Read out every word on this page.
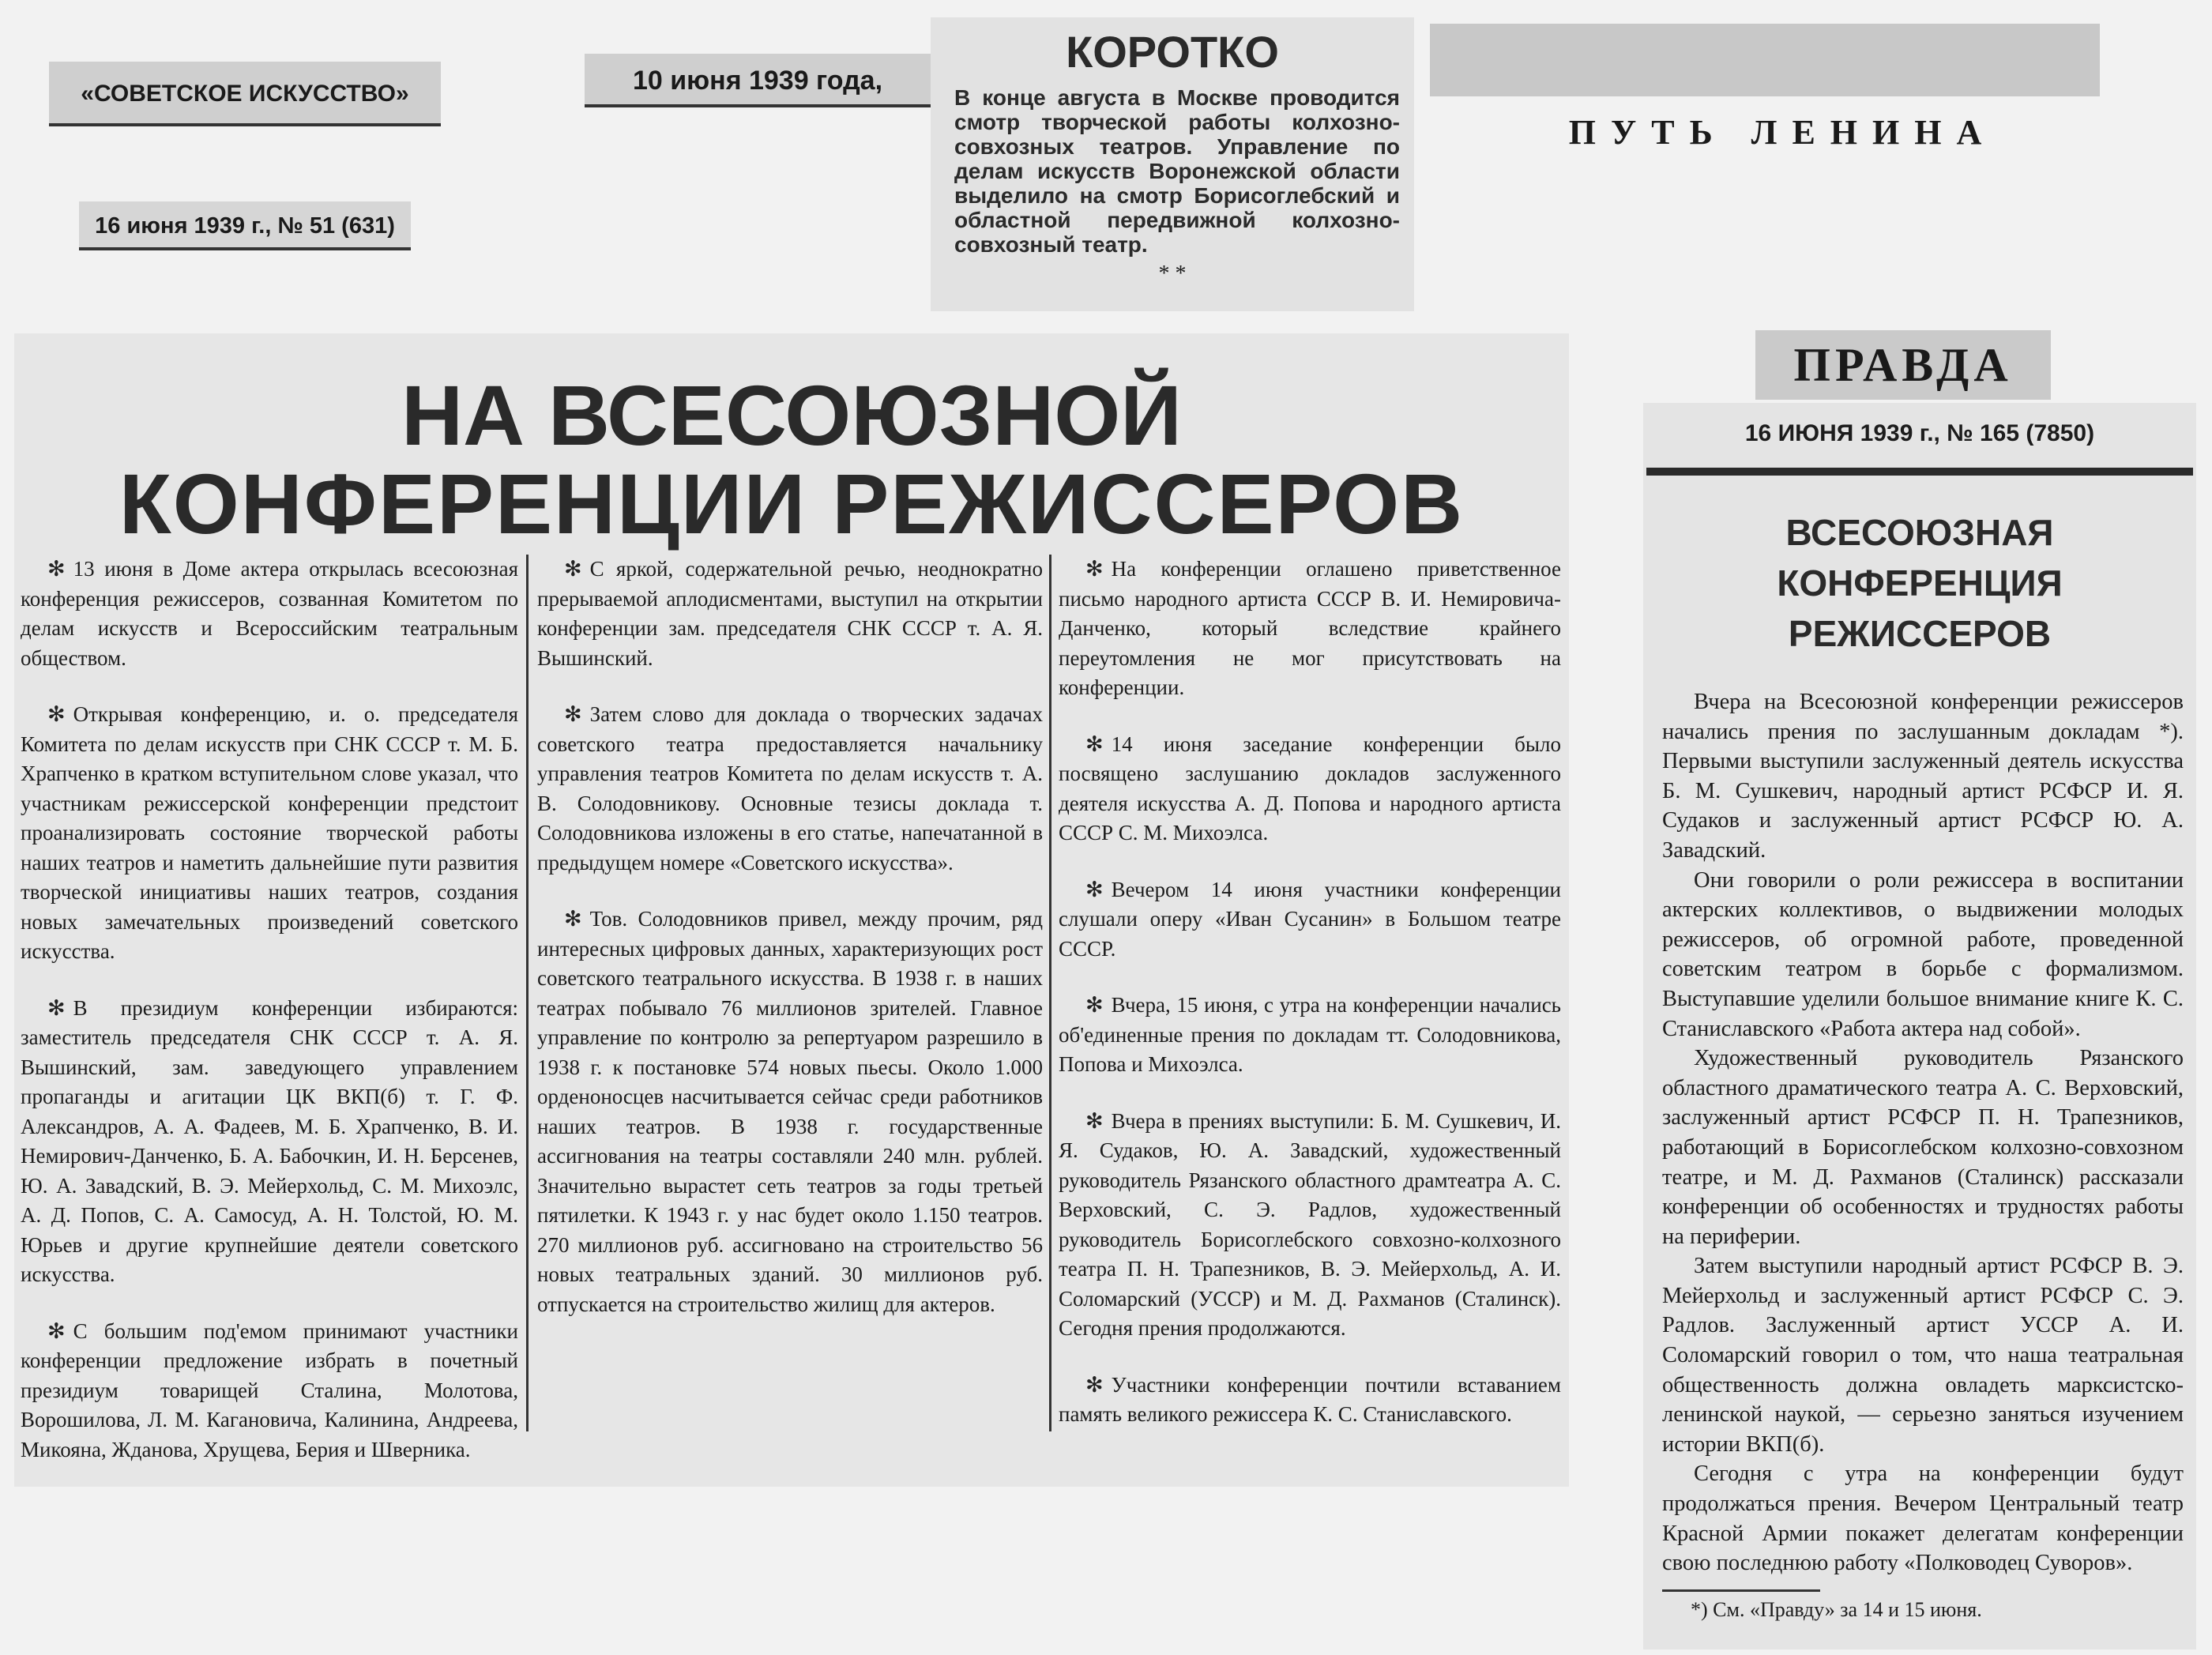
«СОВЕТСКОЕ ИСКУССТВО»
16 июня 1939 г., № 51 (631)
10 июня 1939 года,
КОРОТКО
В конце августа в Москве проводится смотр творческой работы колхозно-совхозных театров. Управление по делам искусств Воронежской области выделило на смотр Борисоглебский и областной передвижной колхозно-совхозный театр.
* *

П У Т Ь   Л Е Н И Н А

НА ВСЕСОЮЗНОЙ
КОНФЕРЕНЦИИ РЕЖИССЕРОВ

✻ 13 июня в Доме актера открылась всесоюзная конференция режиссеров, созванная Комитетом по делам искусств и Всероссийским театральным обществом.

✻ Открывая конференцию, и. о. председателя Комитета по делам искусств при СНК СССР т. М. Б. Храпченко в кратком вступительном слове указал, что участникам режиссерской конференции предстоит проанализировать состояние творческой работы наших театров и наметить дальнейшие пути развития творческой инициативы наших театров, создания новых замечательных произведений советского искусства.

✻ В президиум конференции избираются: заместитель председателя СНК СССР т. А. Я. Вышинский, зам. заведующего управлением пропаганды и агитации ЦК ВКП(б) т. Г. Ф. Александров, А. А. Фадеев, М. Б. Храпченко, В. И. Немирович-Данченко, Б. А. Бабочкин, И. Н. Берсенев, Ю. А. Завадский, В. Э. Мейерхольд, С. М. Михоэлс, А. Д. Попов, С. А. Самосуд, А. Н. Толстой, Ю. М. Юрьев и другие крупнейшие деятели советского искусства.

✻ С большим под'емом принимают участники конференции предложение избрать в почетный президиум товарищей Сталина, Молотова, Ворошилова, Л. М. Кагановича, Калинина, Андреева, Микояна, Жданова, Хрущева, Берия и Шверника.

✻ С яркой, содержательной речью, неоднократно прерываемой аплодисментами, выступил на открытии конференции зам. председателя СНК СССР т. А. Я. Вышинский.

✻ Затем слово для доклада о творческих задачах советского театра предоставляется начальнику управления театров Комитета по делам искусств т. А. В. Солодовникову. Основные тезисы доклада т. Солодовникова изложены в его статье, напечатанной в предыдущем номере «Советского искусства».

✻ Тов. Солодовников привел, между прочим, ряд интересных цифровых данных, характеризующих рост советского театрального искусства. В 1938 г. в наших театрах побывало 76 миллионов зрителей. Главное управление по контролю за репертуаром разрешило в 1938 г. к постановке 574 новых пьесы. Около 1.000 орденоносцев насчитывается сейчас среди работников наших театров. В 1938 г. государственные ассигнования на театры составляли 240 млн. рублей. Значительно вырастет сеть театров за годы третьей пятилетки. К 1943 г. у нас будет около 1.150 театров. 270 миллионов руб. ассигновано на строительство 56 новых театральных зданий. 30 миллионов руб. отпускается на строительство жилищ для актеров.

✻ На конференции оглашено приветственное письмо народного артиста СССР В. И. Немировича-Данченко, который вследствие крайнего переутомления не мог присутствовать на конференции.

✻ 14 июня заседание конференции было посвящено заслушанию докладов заслуженного деятеля искусства А. Д. Попова и народного артиста СССР С. М. Михоэлса.

✻ Вечером 14 июня участники конференции слушали оперу «Иван Сусанин» в Большом театре СССР.

✻ Вчера, 15 июня, с утра на конференции начались об'единенные прения по докладам тт. Солодовникова, Попова и Михоэлса.

✻ Вчера в прениях выступили: Б. М. Сушкевич, И. Я. Судаков, Ю. А. Завадский, художественный руководитель Рязанского областного драмтеатра А. С. Верховский, С. Э. Радлов, художественный руководитель Борисоглебского совхозно-колхозного театра П. Н. Трапезников, В. Э. Мейерхольд, А. И. Соломарский (УССР) и М. Д. Рахманов (Сталинск). Сегодня прения продолжаются.

✻ Участники конференции почтили вставанием память великого режиссера К. С. Станиславского.

ПРАВДА
16 ИЮНЯ 1939 г., № 165 (7850)
ВСЕСОЮЗНАЯ КОНФЕРЕНЦИЯ
РЕЖИССЕРОВ

Вчера на Всесоюзной конференции режиссеров начались прения по заслушанным докладам *). Первыми выступили заслуженный деятель искусства Б. М. Сушкевич, народный артист РСФСР И. Я. Судаков и заслуженный артист РСФСР Ю. А. Завадский.

Они говорили о роли режиссера в воспитании актерских коллективов, о выдвижении молодых режиссеров, об огромной работе, проведенной советским театром в борьбе с формализмом. Выступавшие уделили большое внимание книге К. С. Станиславского «Работа актера над собой».

Художественный руководитель Рязанского областного драматического театра А. С. Верховский, заслуженный артист РСФСР П. Н. Трапезников, работающий в Борисоглебском колхозно-совхозном театре, и М. Д. Рахманов (Сталинск) рассказали конференции об особенностях и трудностях работы на периферии.

Затем выступили народный артист РСФСР В. Э. Мейерхольд и заслуженный артист РСФСР С. Э. Радлов. Заслуженный артист УССР А. И. Соломарский говорил о том, что наша театральная общественность должна овладеть марксистско-ленинской наукой, — серьезно заняться изучением истории ВКП(б).

Сегодня с утра на конференции будут продолжаться прения. Вечером Центральный театр Красной Армии покажет делегатам конференции свою последнюю работу «Полководец Суворов».

*) См. «Правду» за 14 и 15 июня.
